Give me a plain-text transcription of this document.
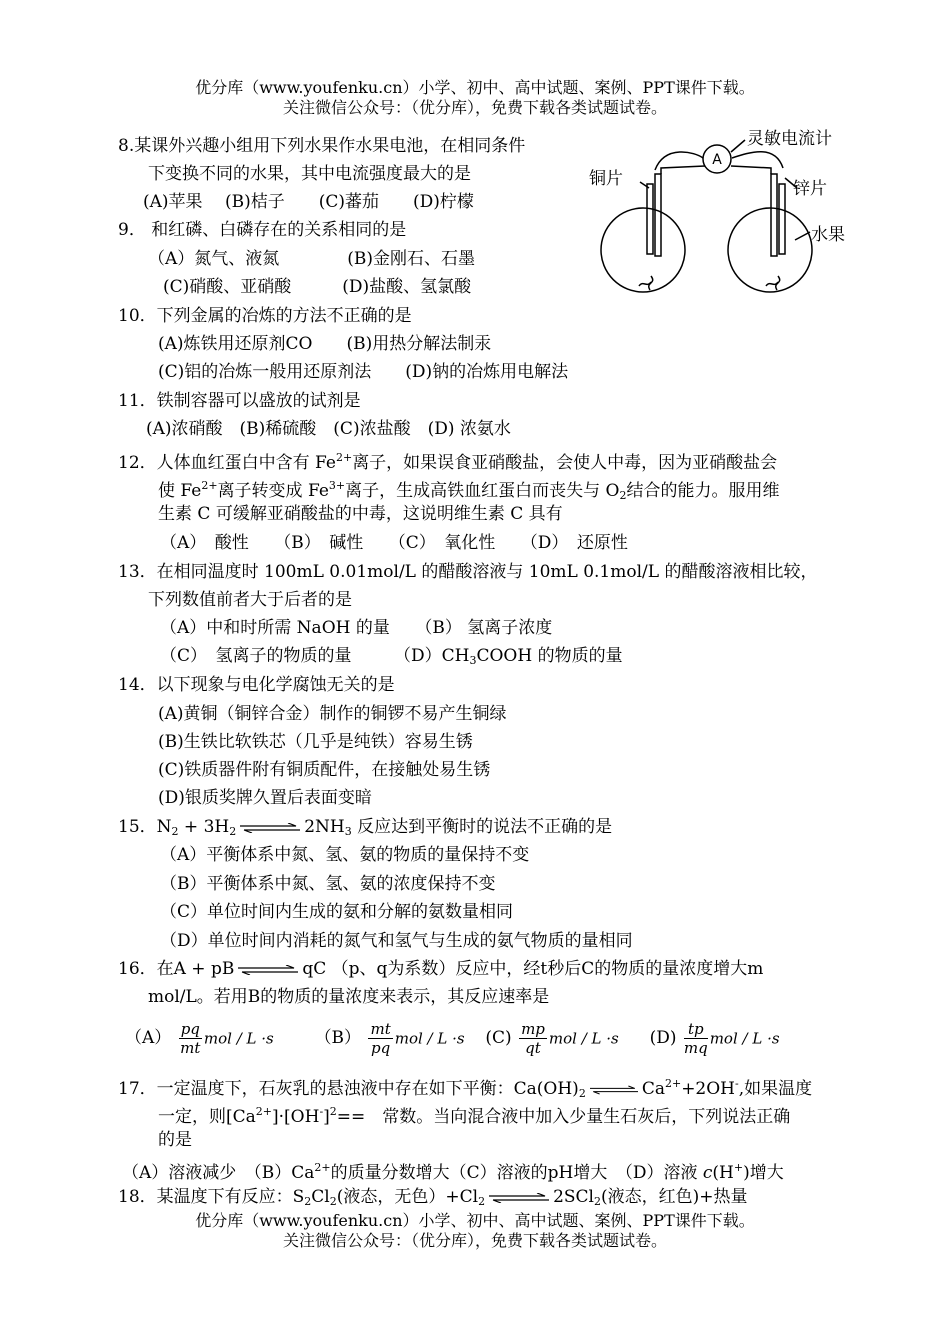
优分库（www.youfenku.cn）小学、初中、高中试题、案例、PPT课件下载。
关注微信公众号：（优分库），免费下载各类试题试卷。
A
灵敏电流计
铜片	锌片
水果
8.某课外兴趣小组用下列水果作水果电池，在相同条件
下变换不同的水果，其中电流强度最大的是
(A)苹果　 (B)桔子　　(C)蕃茄　　(D)柠檬
9． 和红磷、白磷存在的关系相同的是
（A）氮气、液氮　　　　(B)金刚石、石墨
(C)硝酸、亚硝酸　　　(D)盐酸、氢氯酸
10．下列金属的冶炼的方法不正确的是
(A)炼铁用还原剂CO　　(B)用热分解法制汞
(C)铝的冶炼一般用还原剂法　　(D)钠的冶炼用电解法
11．铁制容器可以盛放的试剂是
(A)浓硝酸　(B)稀硫酸　(C)浓盐酸　(D) 浓氨水
12．人体血红蛋白中含有 $Fe^{2+}$离子，如果误食亚硝酸盐，会使人中毒，因为亚硝酸盐会
使 $Fe^{2+}$离子转变成 $Fe^{3+}$离子，生成高铁血红蛋白而丧失与 $O_2$结合的能力。服用维
生素 C 可缓解亚硝酸盐的中毒，这说明维生素 C 具有
（A）　酸性　　（B）　碱性　　（C）　氧化性　　（D）　还原性
13．在相同温度时 100mL 0.01mol/L 的醋酸溶液与 10mL 0.1mol/L 的醋酸溶液相比较，
下列数值前者大于后者的是
（A）中和时所需 NaOH 的量　　（B） 氢离子浓度
（C）　氢离子的物质的量　　　$(D)CH_3COOH$ 的物质的量
14．以下现象与电化学腐蚀无关的是
(A)黄铜（铜锌合金）制作的铜锣不易产生铜绿
(B)生铁比软铁芯（几乎是纯铁）容易生锈
(C)铁质器件附有铜质配件，在接触处易生锈
(D)银质奖牌久置后表面变暗
15．$N_2 + 3H_2$ ⇌ $2NH_3$ 反应达到平衡时的说法不正确的是
（A）平衡体系中氮、氢、氨的物质的量保持不变
（B）平衡体系中氮、氢、氨的浓度保持不变
（C）单位时间内生成的氨和分解的氨数量相同
（D）单位时间内消耗的氮气和氢气与生成的氨气物质的量相同
16．在A + pB ⇌ qC （p、q为系数）反应中，经t秒后C的物质的量浓度增大m
mol/L。若用B的物质的量浓度来表示，其反应速率是
$(A) \frac{pq}{mt}$ mol / L ·s $(B) \frac{mt}{pq}$ mol / L ·s $(C) \frac{mp}{qt}$ mol / L ·s $(D) \frac{tp}{mq}$ mol / L ·s
17．一定温度下，石灰乳的悬浊液中存在如下平衡：$Ca(OH)_2$ ⇌ $Ca^{2+}+2OH^-$,如果温度
一定，则$[Ca^{2+}]\cdot[OH^-]^2==$　常数。当向混合液中加入少量生石灰后，下列说法正确
的是
（A）溶液减少　$(B)Ca^{2+}$的质量分数增大（C）溶液的pH增大　（D）溶液 c(H+)增大
18．某温度下有反应：$S_2Cl_2$(液态，无色）$+Cl_2$ ⇌ 2SCl$_2$(液态，红色)+热量
优分库（www.youfenku.cn）小学、初中、高中试题、案例、PPT课件下载。
关注微信公众号：（优分库），免费下载各类试题试卷。
